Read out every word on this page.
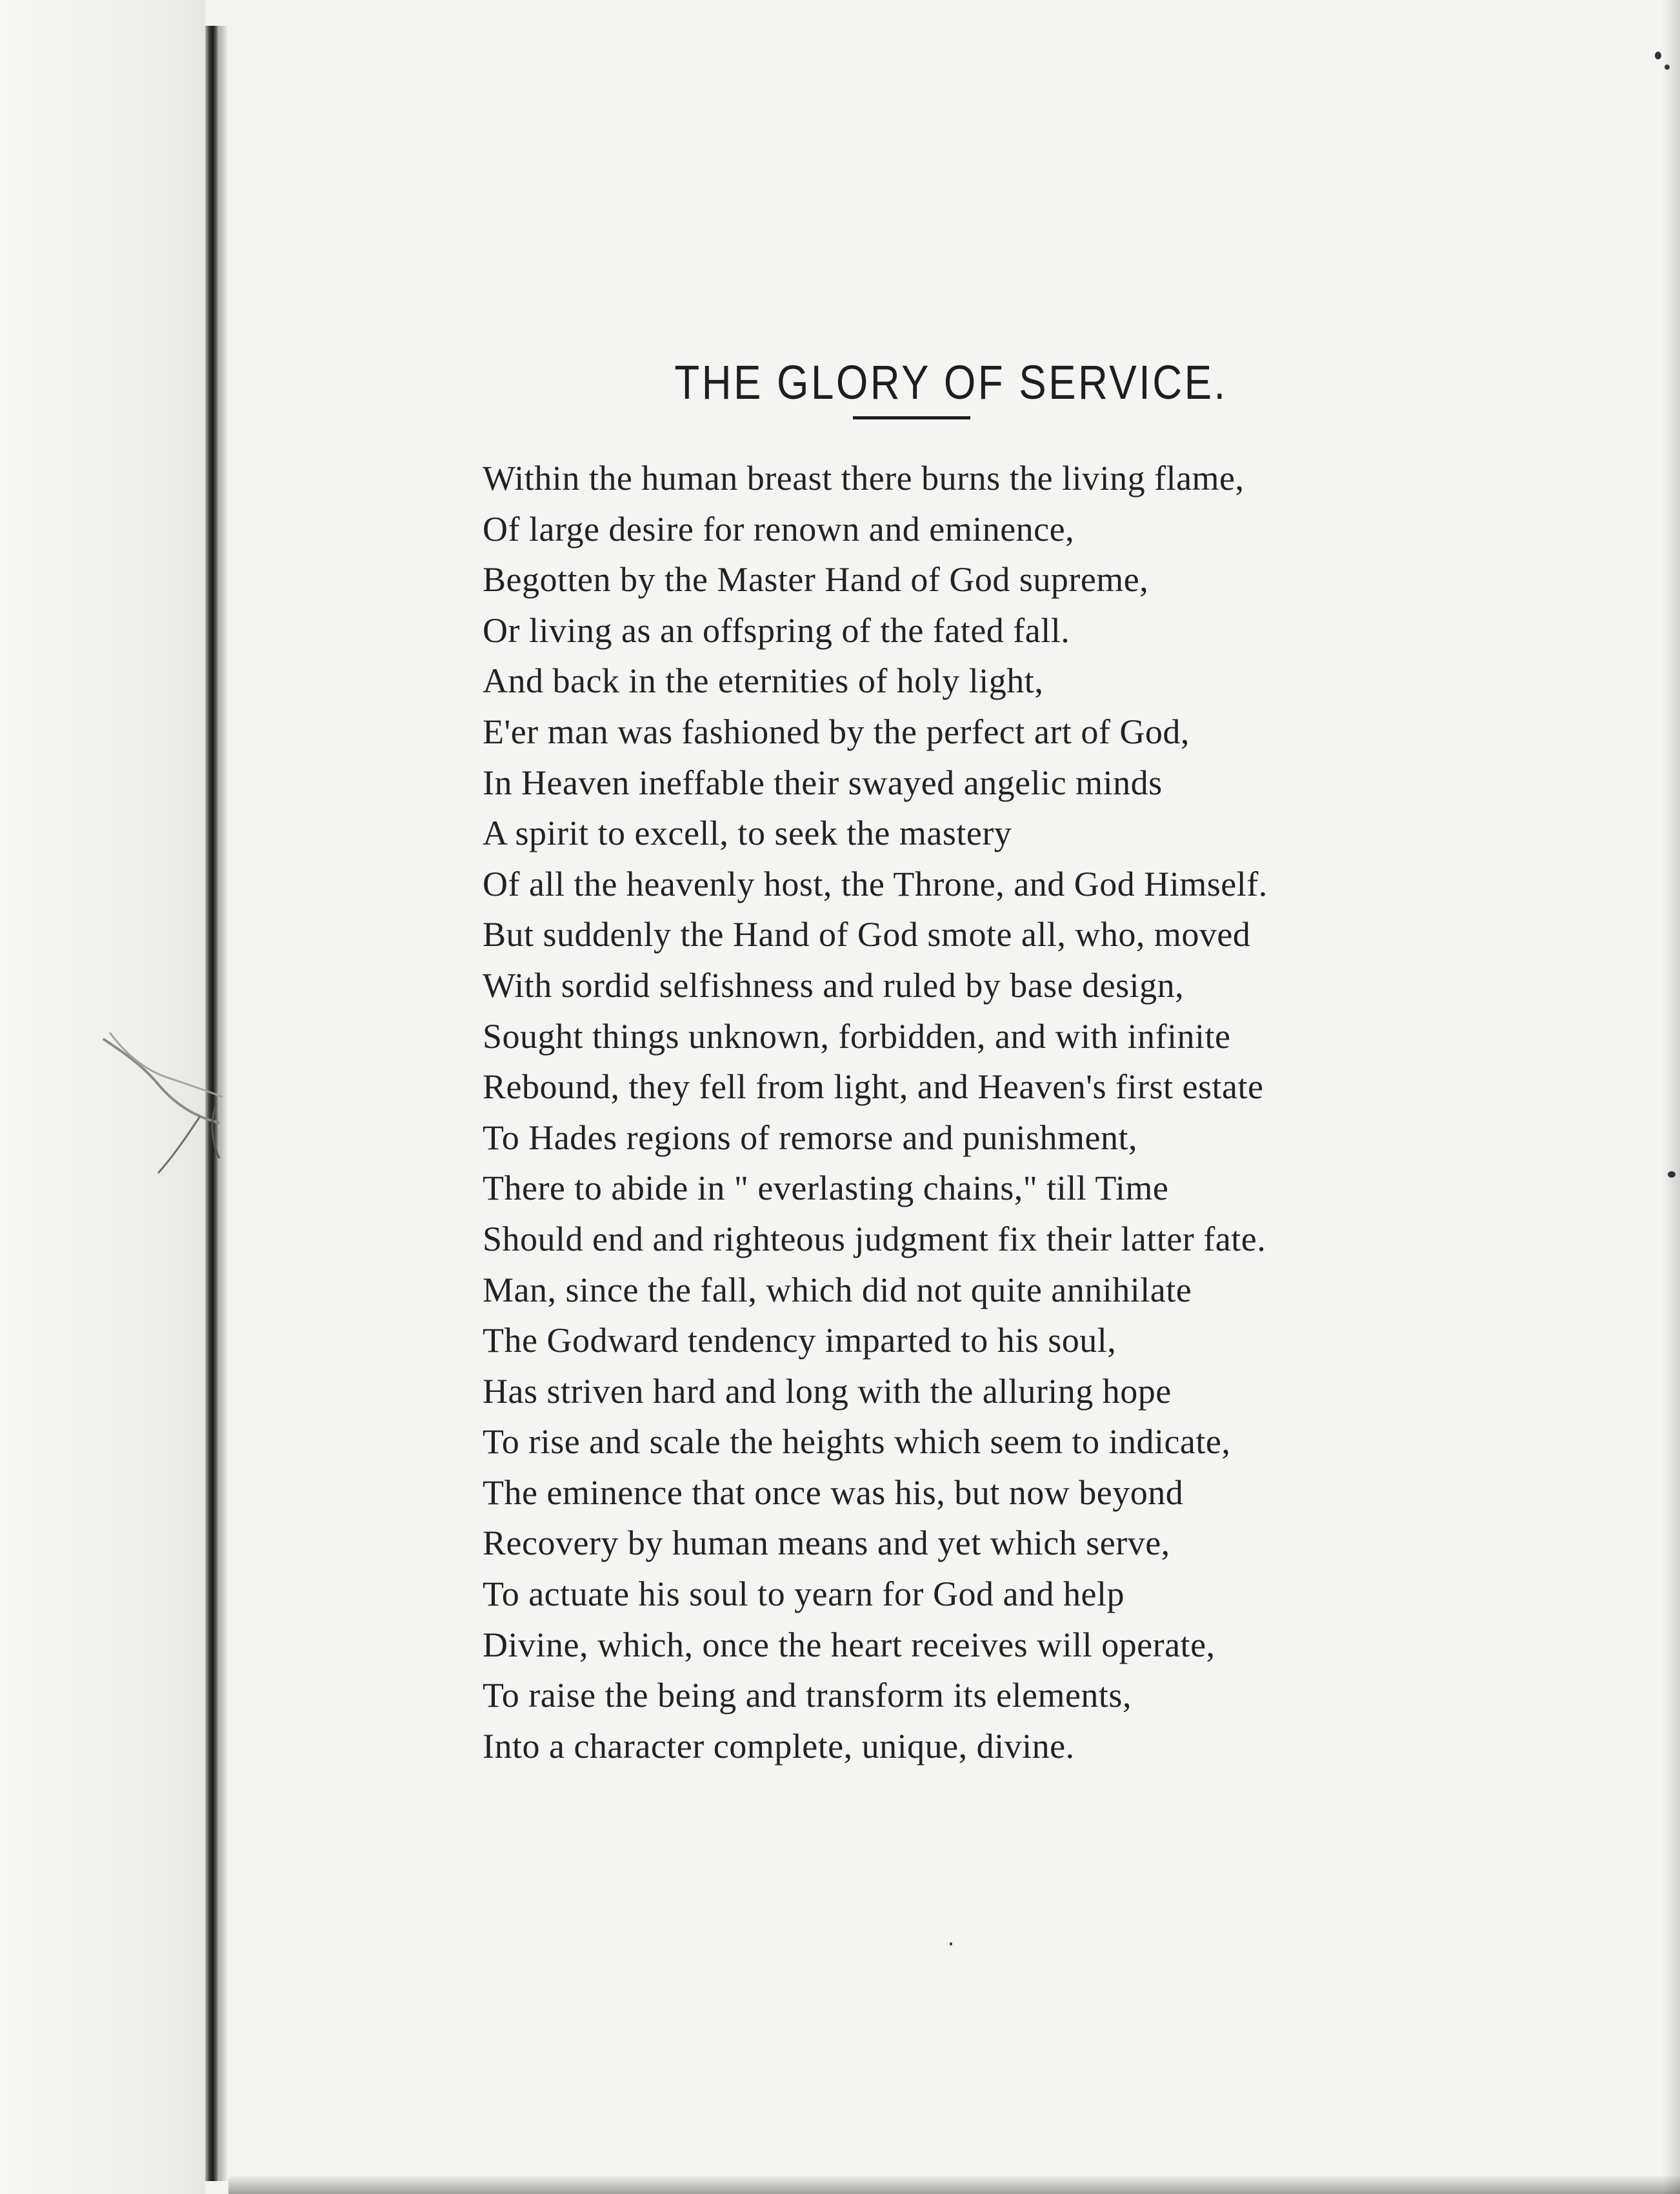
THE GLORY OF SERVICE.
Within the human breast there burns the living flame,
Of large desire for renown and eminence,
Begotten by the Master Hand of God supreme,
Or living as an offspring of the fated fall.
And back in the eternities of holy light,
E'er man was fashioned by the perfect art of God,
In Heaven ineffable their swayed angelic minds
A spirit to excell, to seek the mastery
Of all the heavenly host, the Throne, and God Himself.
But suddenly the Hand of God smote all, who, moved
With sordid selfishness and ruled by base design,
Sought things unknown, forbidden, and with infinite
Rebound, they fell from light, and Heaven's first estate
To Hades regions of remorse and punishment,
There to abide in " everlasting chains," till Time
Should end and righteous judgment fix their latter fate.
Man, since the fall, which did not quite annihilate
The Godward tendency imparted to his soul,
Has striven hard and long with the alluring hope
To rise and scale the heights which seem to indicate,
The eminence that once was his, but now beyond
Recovery by human means and yet which serve,
To actuate his soul to yearn for God and help
Divine, which, once the heart receives will operate,
To raise the being and transform its elements,
Into a character complete, unique, divine.
